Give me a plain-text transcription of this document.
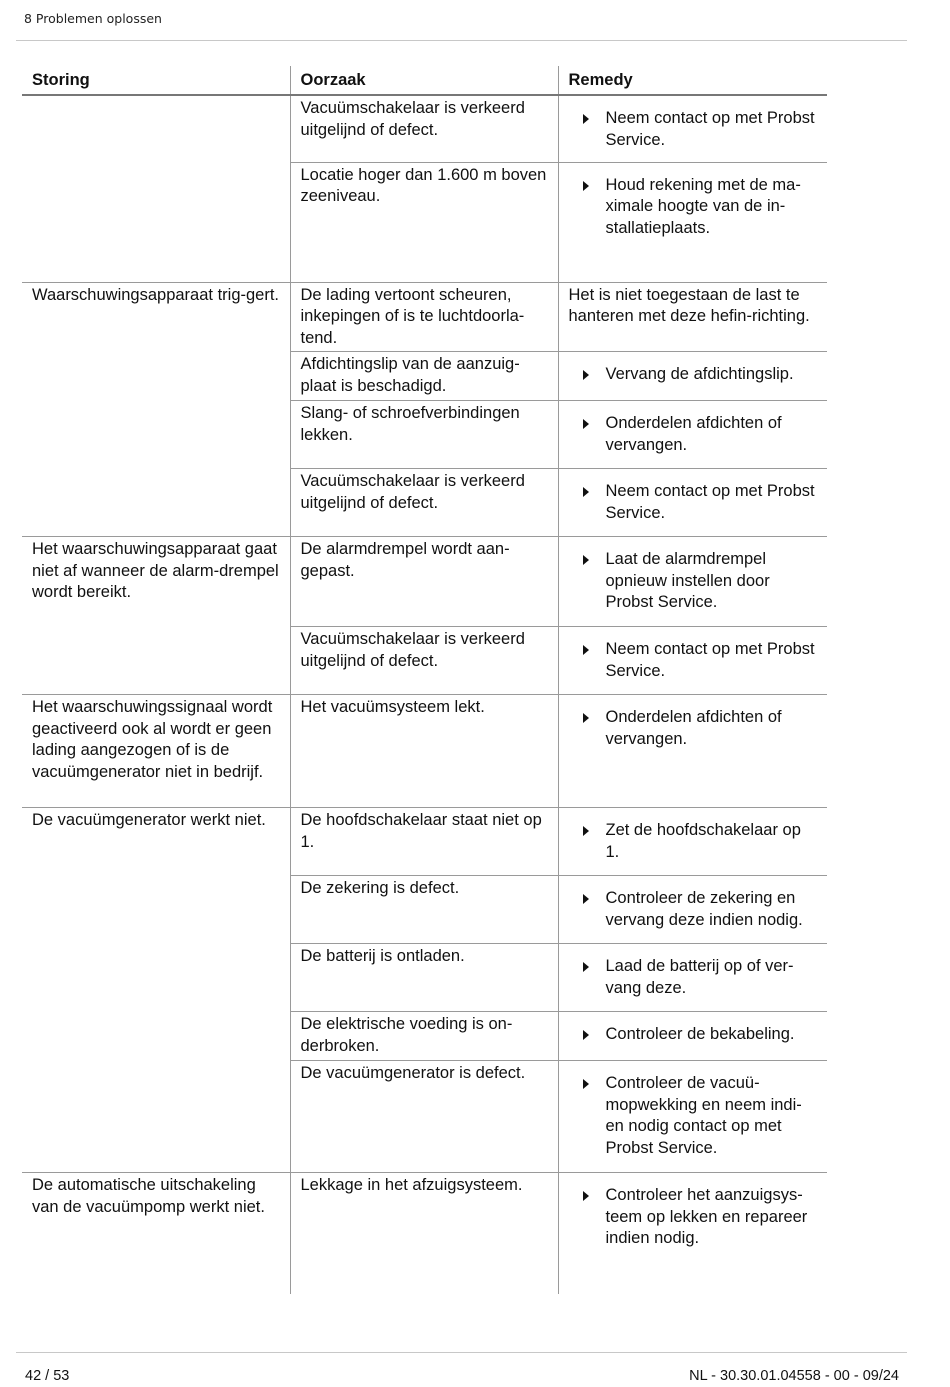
8 Problemen oplossen
Storing	Oorzaak	Remedy
	Vacuümschakelaar is verkeerd uitgelijnd of defect.	Neem contact op met Probst Service.

	Locatie hoger dan 1.600 m boven zeeniveau.	Houd rekening met de ma-ximale hoogte van de in-stallatieplaats.

Waarschuwingsapparaat trig-gert.	De lading vertoont scheuren, inkepingen of is te luchtdoorla-tend.	Het is niet toegestaan de last te hanteren met deze hefin-richting.

	Afdichtingslip van de aanzuig-plaat is beschadigd.	Vervang de afdichtingslip.

	Slang- of schroefverbindingen lekken.	Onderdelen afdichten of vervangen.

	Vacuümschakelaar is verkeerd uitgelijnd of defect.	Neem contact op met Probst Service.

Het waarschuwingsapparaat gaat niet af wanneer de alarm-drempel wordt bereikt.	De alarmdrempel wordt aan-gepast.	Laat de alarmdrempel opnieuw instellen door Probst Service.

	Vacuümschakelaar is verkeerd uitgelijnd of defect.	Neem contact op met Probst Service.

Het waarschuwingssignaal wordt geactiveerd ook al wordt er geen lading aangezogen of is de vacuümgenerator niet in bedrijf.	Het vacuümsysteem lekt.	Onderdelen afdichten of vervangen.

De vacuümgenerator werkt niet.	De hoofdschakelaar staat niet op 1.	Zet de hoofdschakelaar op 1.

	De zekering is defect.	Controleer de zekering en vervang deze indien nodig.

	De batterij is ontladen.	Laad de batterij op of ver-vang deze.

	De elektrische voeding is on-derbroken.	Controleer de bekabeling.

	De vacuümgenerator is defect.	Controleer de vacuü-mopwekking en neem indi-en nodig contact op met Probst Service.

De automatische uitschakeling van de vacuümpomp werkt niet.	Lekkage in het afzuigsysteem.	Controleer het aanzuigsys-teem op lekken en repareer indien nodig.
42 / 53	NL - 30.30.01.04558 - 00 - 09/24
